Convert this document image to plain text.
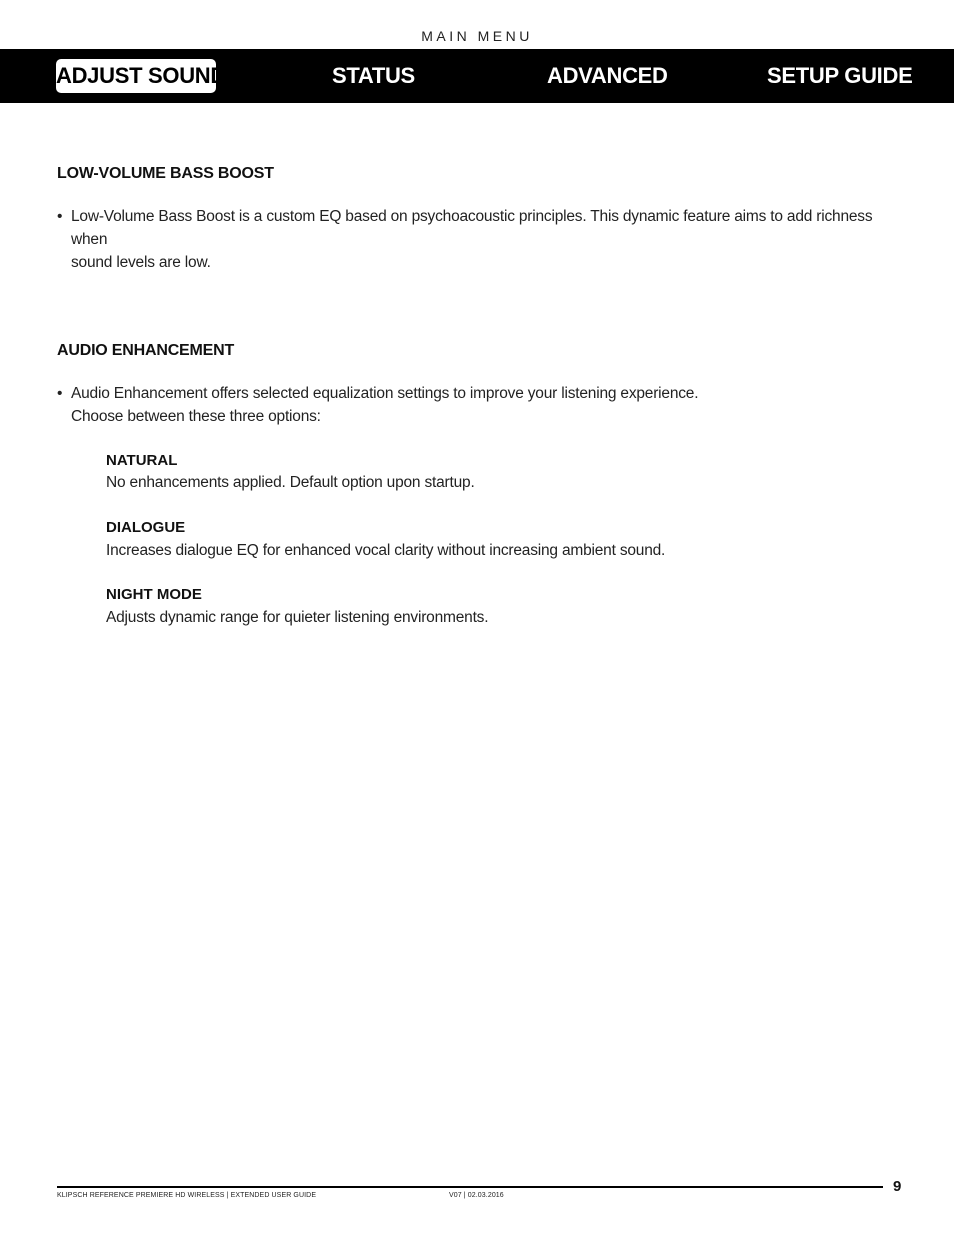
MAIN MENU
ADJUST SOUND	STATUS	ADVANCED	SETUP GUIDE
LOW-VOLUME BASS BOOST
• Low-Volume Bass Boost is a custom EQ based on psychoacoustic principles. This dynamic feature aims to add richness when
sound levels are low.
AUDIO ENHANCEMENT
• Audio Enhancement offers selected equalization settings to improve your listening experience.
Choose between these three options:
NATURAL
No enhancements applied. Default option upon startup.
DIALOGUE
Increases dialogue EQ for enhanced vocal clarity without increasing ambient sound.
NIGHT MODE
Adjusts dynamic range for quieter listening environments.
KLIPSCH REFERENCE PREMIERE HD WIRELESS | EXTENDED USER GUIDE	V07 | 02.03.2016
9
